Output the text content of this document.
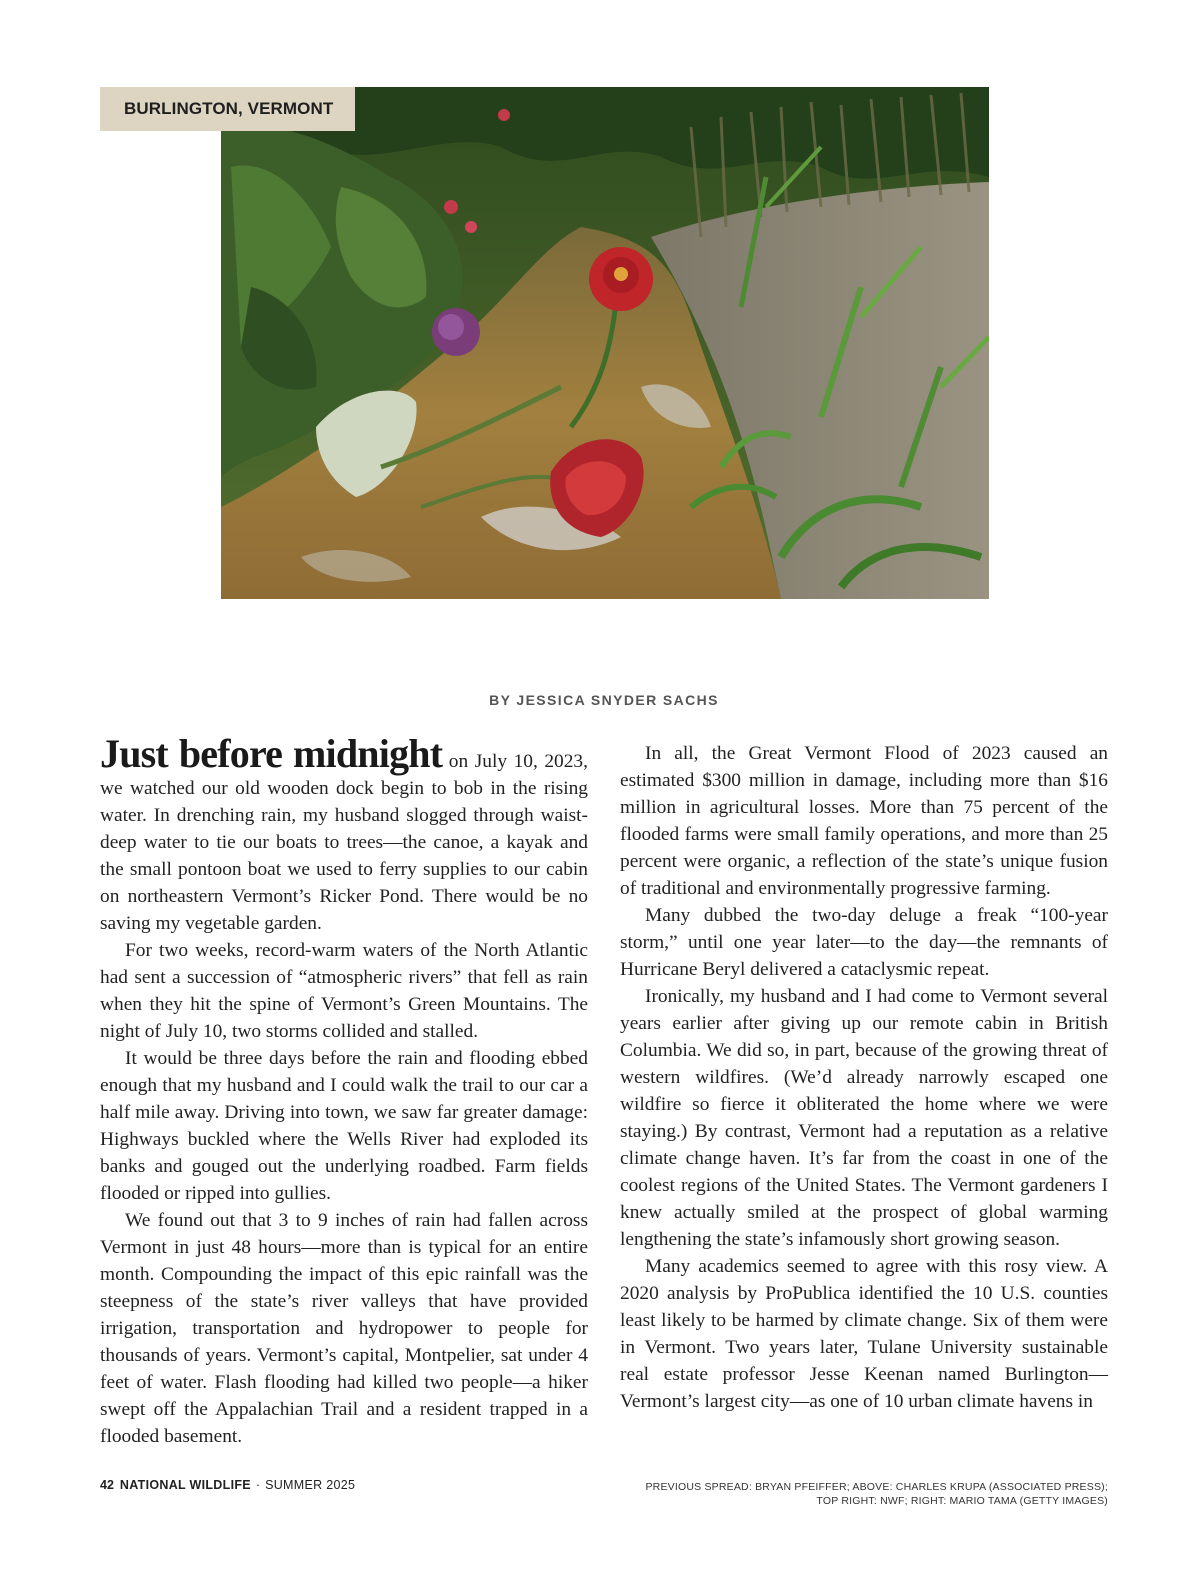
BURLINGTON, VERMONT
BY JESSICA SNYDER SACHS

Just before midnight on July 10, 2023, we watched our old wooden dock begin to bob in the rising water. In drenching rain, my husband slogged through waist-deep water to tie our boats to trees—the canoe, a kayak and the small pontoon boat we used to ferry supplies to our cabin on northeastern Vermont’s Ricker Pond. There would be no saving my vegetable garden.

For two weeks, record-warm waters of the North Atlantic had sent a succession of “atmospheric rivers” that fell as rain when they hit the spine of Vermont’s Green Mountains. The night of July 10, two storms collided and stalled.

It would be three days before the rain and flooding ebbed enough that my husband and I could walk the trail to our car a half mile away. Driving into town, we saw far greater damage: Highways buckled where the Wells River had exploded its banks and gouged out the underlying roadbed. Farm fields flooded or ripped into gullies.

We found out that 3 to 9 inches of rain had fallen across Vermont in just 48 hours—more than is typical for an entire month. Compounding the impact of this epic rainfall was the steepness of the state’s river valleys that have provided irrigation, transportation and hydropower to people for thousands of years. Vermont’s capital, Montpelier, sat under 4 feet of water. Flash flooding had killed two people—a hiker swept off the Appalachian Trail and a resident trapped in a flooded basement.

In all, the Great Vermont Flood of 2023 caused an estimated $300 million in damage, including more than $16 million in agricultural losses. More than 75 percent of the flooded farms were small family operations, and more than 25 percent were organic, a reflection of the state’s unique fusion of traditional and environmentally progressive farming.

Many dubbed the two-day deluge a freak “100-year storm,” until one year later—to the day—the remnants of Hurricane Beryl delivered a cataclysmic repeat.

Ironically, my husband and I had come to Vermont several years earlier after giving up our remote cabin in British Columbia. We did so, in part, because of the growing threat of western wildfires. (We’d already narrowly escaped one wildfire so fierce it obliterated the home where we were staying.) By contrast, Vermont had a reputation as a relative climate change haven. It’s far from the coast in one of the coolest regions of the United States. The Vermont gardeners I knew actually smiled at the prospect of global warming lengthening the state’s infamously short growing season.

Many academics seemed to agree with this rosy view. A 2020 analysis by ProPublica identified the 10 U.S. counties least likely to be harmed by climate change. Six of them were in Vermont. Two years later, Tulane University sustainable real estate professor Jesse Keenan named Burlington—Vermont’s largest city—as one of 10 urban climate havens in

42 NATIONAL WILDLIFE · SUMMER 2025	PREVIOUS SPREAD: BRYAN PFEIFFER; ABOVE: CHARLES KRUPA (ASSOCIATED PRESS);
TOP RIGHT: NWF; RIGHT: MARIO TAMA (GETTY IMAGES)
